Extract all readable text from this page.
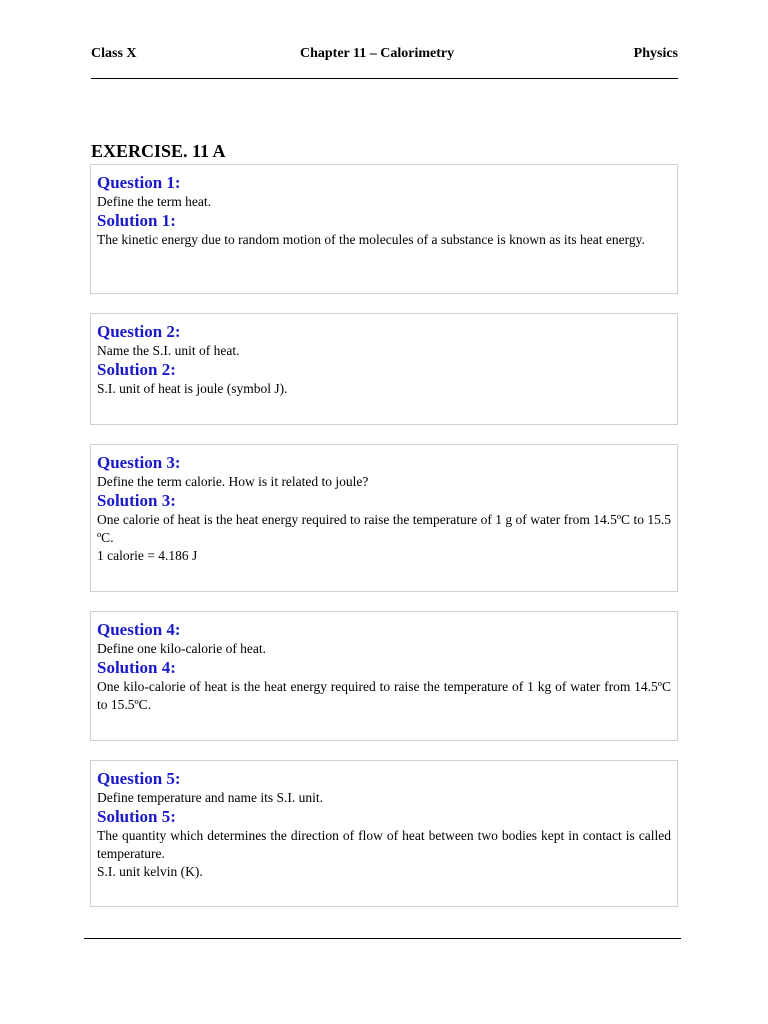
Class X	Chapter 11 – Calorimetry	Physics
EXERCISE. 11 A
Question 1:
Define the term heat.
Solution 1:
The kinetic energy due to random motion of the molecules of a substance is known as its heat energy.
Question 2:
Name the S.I. unit of heat.
Solution 2:
S.I. unit of heat is joule (symbol J).
Question 3:
Define the term calorie. How is it related to joule?
Solution 3:
One calorie of heat is the heat energy required to raise the temperature of 1 g of water from 14.5ºC to 15.5 ºC.
1 calorie = 4.186 J
Question 4:
Define one kilo-calorie of heat.
Solution 4:
One kilo-calorie of heat is the heat energy required to raise the temperature of 1 kg of water from 14.5ºC to 15.5ºC.
Question 5:
Define temperature and name its S.I. unit.
Solution 5:
The quantity which determines the direction of flow of heat between two bodies kept in contact is called temperature.
S.I. unit kelvin (K).
